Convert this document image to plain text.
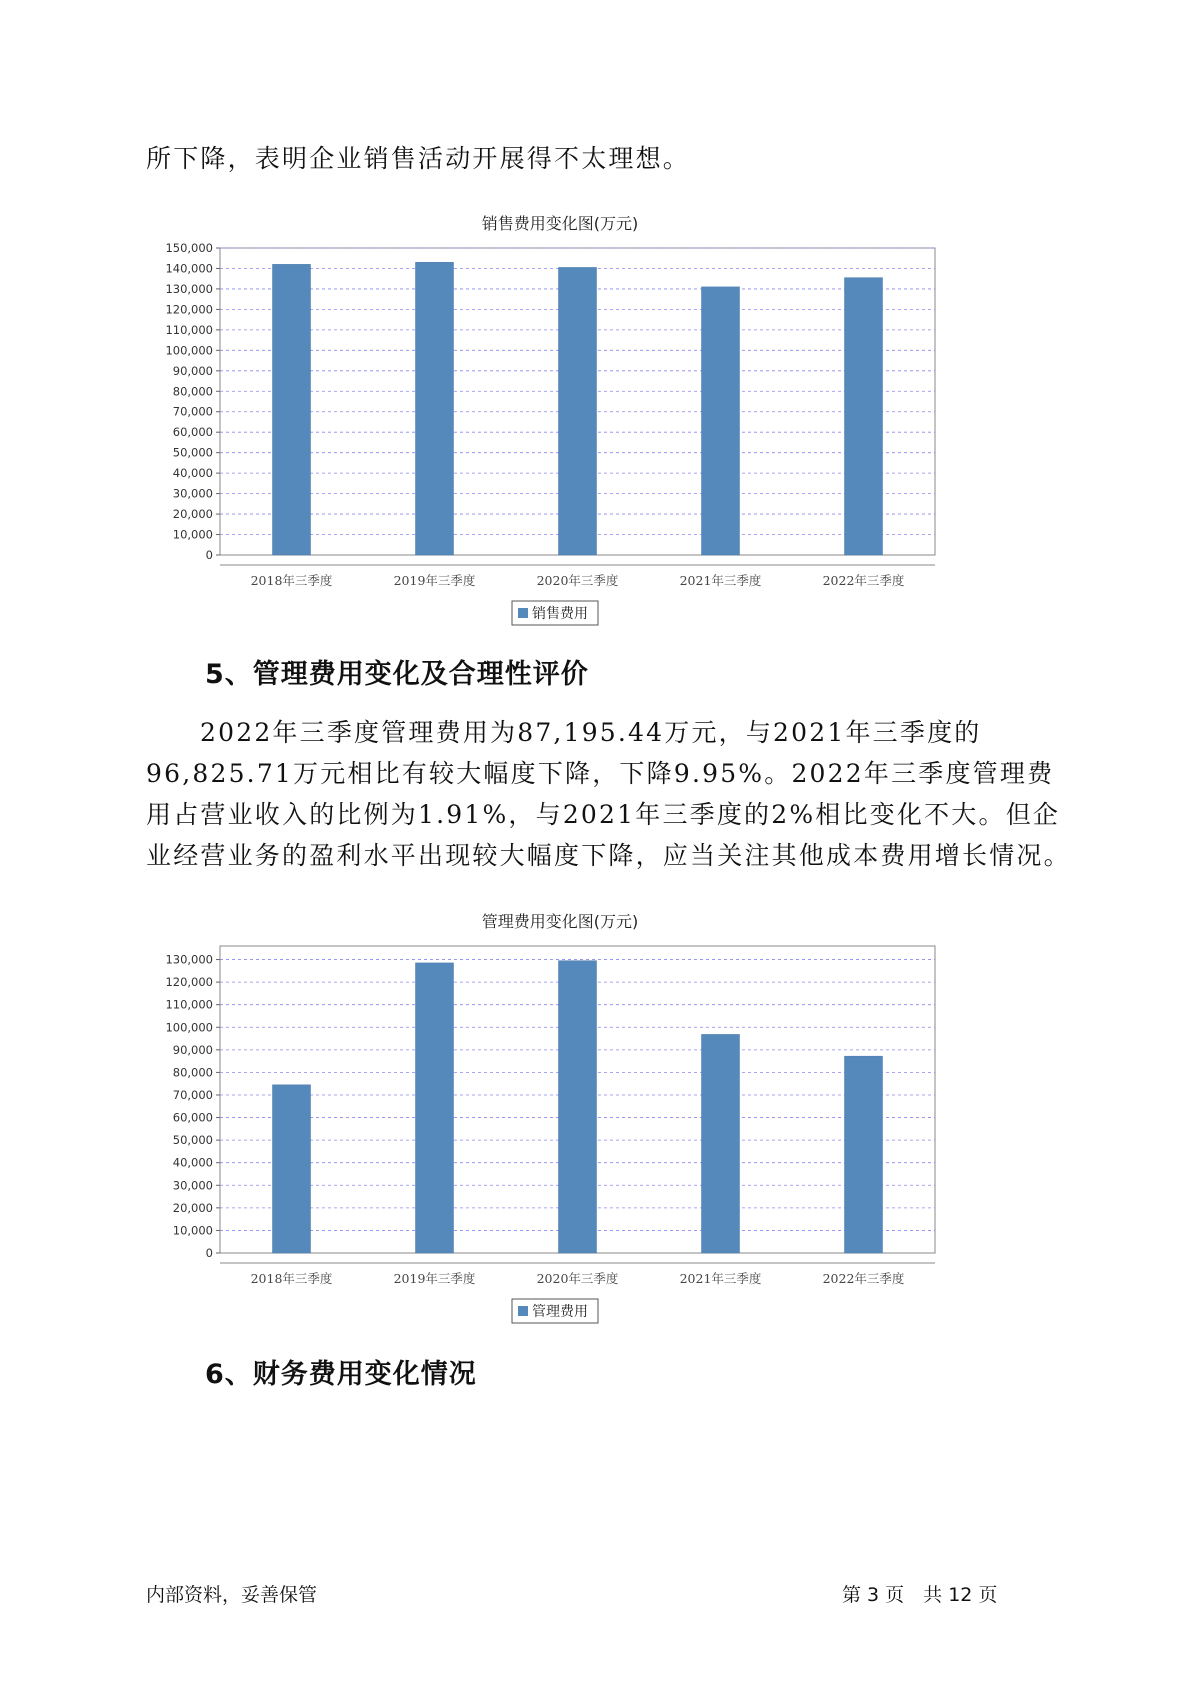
所下降，表明企业销售活动开展得不太理想。

销售费用变化图(万元)
0
10,000
20,000
30,000
40,000
50,000
60,000
70,000
80,000
90,000
100,000
110,000
120,000
130,000
140,000
150,000
2018年三季度	2019年三季度	2020年三季度	2021年三季度	2022年三季度
销售费用
5、管理费用变化及合理性评价

2022年三季度管理费用为87,195.44万元，与2021年三季度的96,825.71万元相比有较大幅度下降，下降9.95%。2022年三季度管理费用占营业收入的比例为1.91%，与2021年三季度的2%相比变化不大。但企业经营业务的盈利水平出现较大幅度下降，应当关注其他成本费用增长情况。

管理费用变化图(万元)
0
10,000
20,000
30,000
40,000
50,000
60,000
70,000
80,000
90,000
100,000
110,000
120,000
130,000
2018年三季度	2019年三季度	2020年三季度	2021年三季度	2022年三季度
管理费用
6、财务费用变化情况
内部资料，妥善保管	第 3 页　共 12 页
